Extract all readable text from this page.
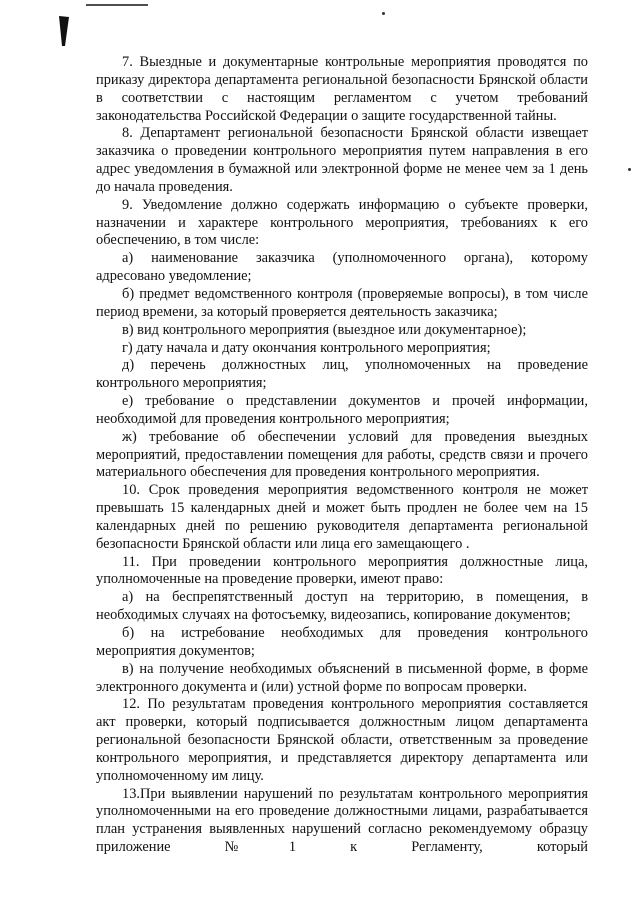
7. Выездные и документарные контрольные мероприятия проводятся по приказу директора департамента региональной безопасности Брянской области в соответствии с настоящим регламентом с учетом требований законодательства Российской Федерации о защите государственной тайны.

8. Департамент региональной безопасности Брянской области извещает заказчика о проведении контрольного мероприятия путем направления в его адрес уведомления в бумажной или электронной форме не менее чем за 1 день до начала проведения.

9. Уведомление должно содержать информацию о субъекте проверки, назначении и характере контрольного мероприятия, требованиях к его обеспечению, в том числе:

а) наименование заказчика (уполномоченного органа), которому адресовано уведомление;

б) предмет ведомственного контроля (проверяемые вопросы), в том числе период времени, за который проверяется деятельность заказчика;

в) вид контрольного мероприятия (выездное или документарное);

г) дату начала и дату окончания контрольного мероприятия;

д) перечень должностных лиц, уполномоченных на проведение контрольного мероприятия;

е) требование о представлении документов и прочей информации, необходимой для проведения контрольного мероприятия;

ж) требование об обеспечении условий для проведения выездных мероприятий, предоставлении помещения для работы, средств связи и прочего материального обеспечения для проведения контрольного мероприятия.

10. Срок проведения мероприятия ведомственного контроля не может превышать 15 календарных дней и может быть продлен не более чем на 15 календарных дней по решению руководителя департамента региональной безопасности Брянской области или лица его замещающего .

11. При проведении контрольного мероприятия должностные лица, уполномоченные на проведение проверки, имеют право:

а) на беспрепятственный доступ на территорию, в помещения, в необходимых случаях на фотосъемку, видеозапись, копирование документов;

б) на истребование необходимых для проведения контрольного мероприятия документов;

в) на получение необходимых объяснений в письменной форме, в форме электронного документа и (или) устной форме по вопросам проверки.

12. По результатам проведения контрольного мероприятия составляется акт проверки, который подписывается должностным лицом департамента региональной безопасности Брянской области, ответственным за проведение контрольного мероприятия, и представляется директору департамента или уполномоченному им лицу.

13.При выявлении нарушений по результатам контрольного мероприятия уполномоченными на его проведение должностными лицами, разрабатывается план устранения выявленных нарушений согласно рекомендуемому образцу приложение №1 к Регламенту, который
